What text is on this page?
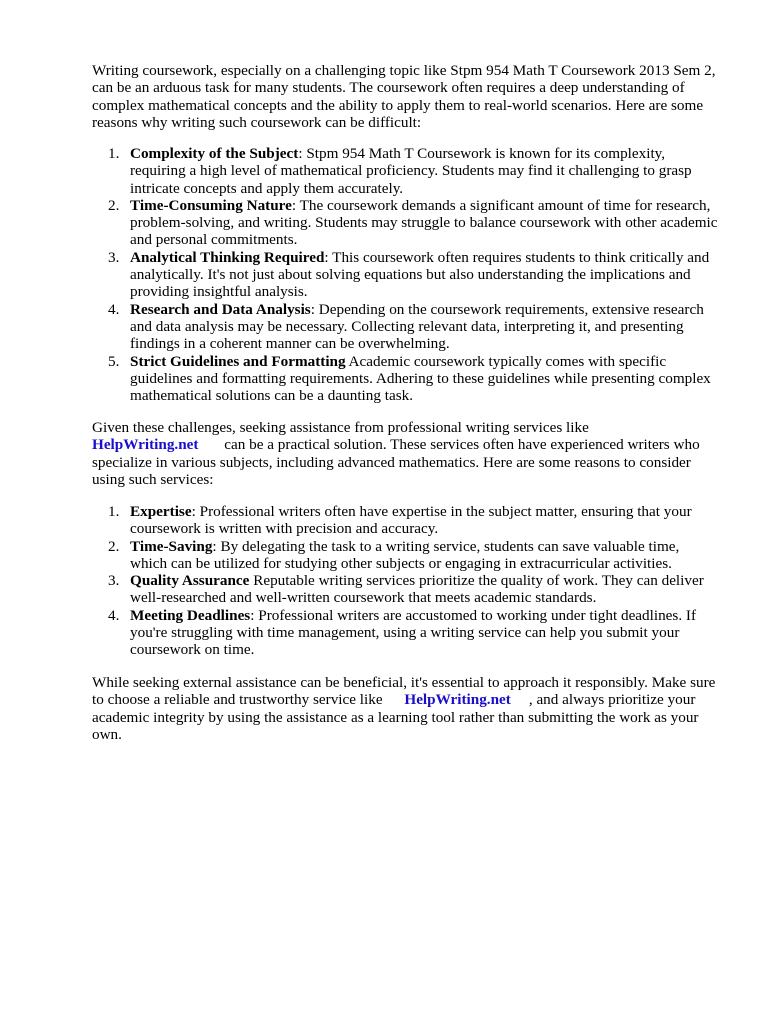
Writing coursework, especially on a challenging topic like Stpm 954 Math T Coursework 2013 Sem 2, can be an arduous task for many students. The coursework often requires a deep understanding of complex mathematical concepts and the ability to apply them to real-world scenarios. Here are some reasons why writing such coursework can be difficult:

1. Complexity of the Subject: Stpm 954 Math T Coursework is known for its complexity, requiring a high level of mathematical proficiency. Students may find it challenging to grasp intricate concepts and apply them accurately.
2. Time-Consuming Nature: The coursework demands a significant amount of time for research, problem-solving, and writing. Students may struggle to balance coursework with other academic and personal commitments.
3. Analytical Thinking Required: This coursework often requires students to think critically and analytically. It's not just about solving equations but also understanding the implications and providing insightful analysis.
4. Research and Data Analysis: Depending on the coursework requirements, extensive research and data analysis may be necessary. Collecting relevant data, interpreting it, and presenting findings in a coherent manner can be overwhelming.
5. Strict Guidelines and Formatting Academic coursework typically comes with specific guidelines and formatting requirements. Adhering to these guidelines while presenting complex mathematical solutions can be a daunting task.

Given these challenges, seeking assistance from professional writing services like HelpWriting.net can be a practical solution. These services often have experienced writers who specialize in various subjects, including advanced mathematics. Here are some reasons to consider using such services:

1. Expertise: Professional writers often have expertise in the subject matter, ensuring that your coursework is written with precision and accuracy.
2. Time-Saving: By delegating the task to a writing service, students can save valuable time, which can be utilized for studying other subjects or engaging in extracurricular activities.
3. Quality Assurance Reputable writing services prioritize the quality of work. They can deliver well-researched and well-written coursework that meets academic standards.
4. Meeting Deadlines: Professional writers are accustomed to working under tight deadlines. If you're struggling with time management, using a writing service can help you submit your coursework on time.

While seeking external assistance can be beneficial, it's essential to approach it responsibly. Make sure to choose a reliable and trustworthy service like HelpWriting.net , and always prioritize your academic integrity by using the assistance as a learning tool rather than submitting the work as your own.
